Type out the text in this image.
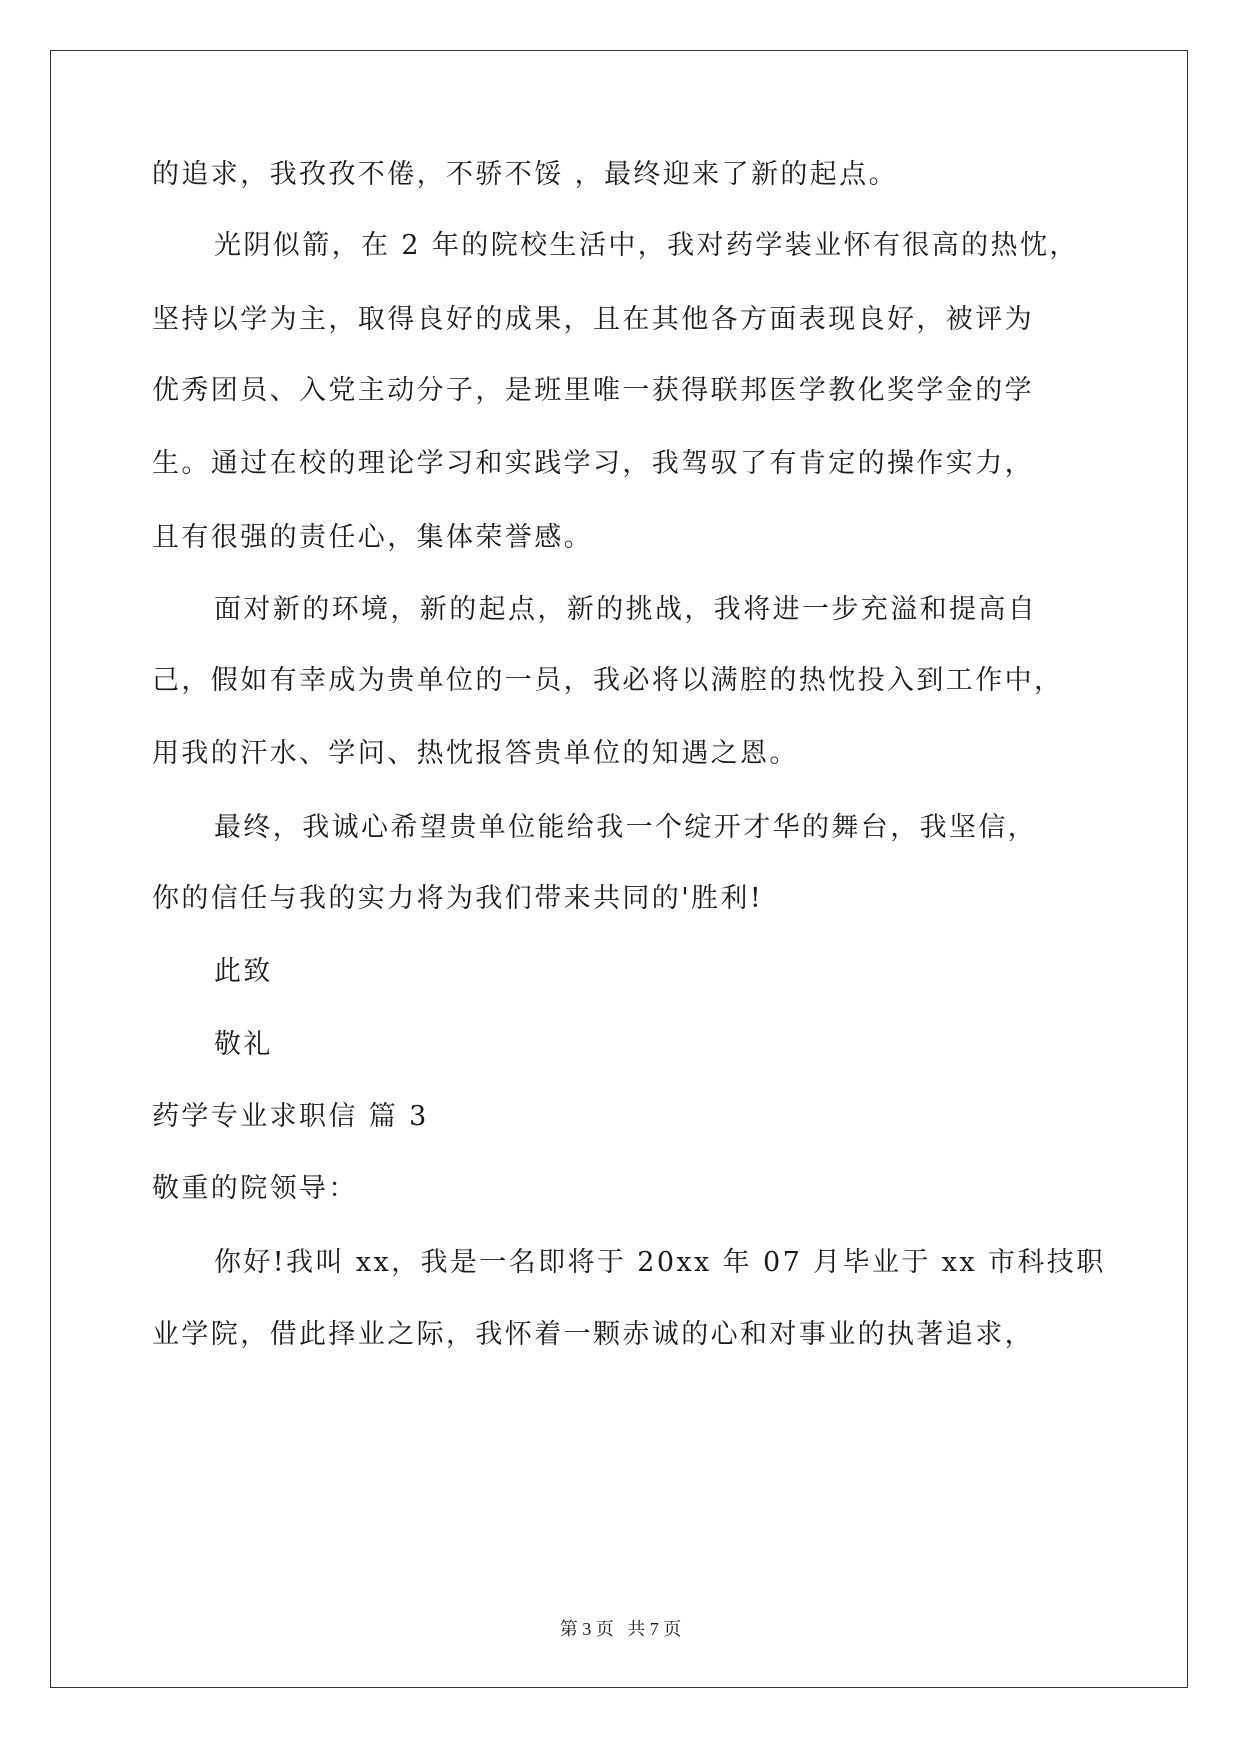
的追求，我孜孜不倦，不骄不馁 ，最终迎来了新的起点。
光阴似箭，在 2 年的院校生活中，我对药学装业怀有很高的热忱，
坚持以学为主，取得良好的成果，且在其他各方面表现良好，被评为
优秀团员、入党主动分子，是班里唯一获得联邦医学教化奖学金的学
生。通过在校的理论学习和实践学习，我驾驭了有肯定的操作实力，
且有很强的责任心，集体荣誉感。
面对新的环境，新的起点，新的挑战，我将进一步充溢和提高自
己，假如有幸成为贵单位的一员，我必将以满腔的热忱投入到工作中，
用我的汗水、学问、热忱报答贵单位的知遇之恩。
最终，我诚心希望贵单位能给我一个绽开才华的舞台，我坚信，
你的信任与我的实力将为我们带来共同的'胜利!
此致
敬礼
药学专业求职信 篇 3
敬重的院领导：
你好!我叫 xx，我是一名即将于 20xx 年 07 月毕业于 xx 市科技职
业学院，借此择业之际，我怀着一颗赤诚的心和对事业的执著追求，
第 3 页   共 7 页
